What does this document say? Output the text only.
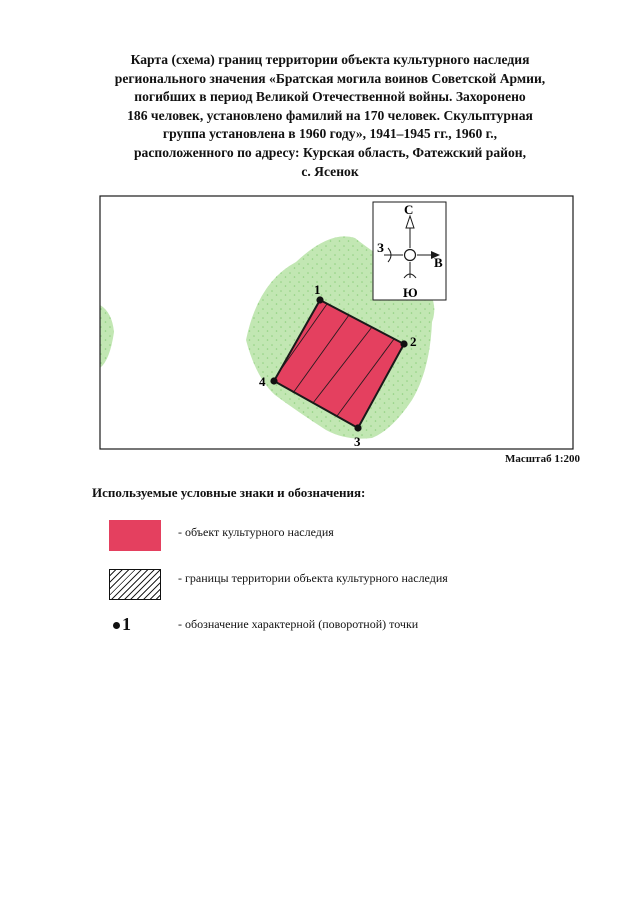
Карта (схема) границ территории объекта культурного наследия
регионального значения «Братская могила воинов Советской Армии,
погибших в период Великой Отечественной войны. Захоронено
186 человек, установлено фамилий на 170 человек. Скульптурная
группа установлена в 1960 году», 1941–1945 гг., 1960 г.,
расположенного по адресу: Курская область, Фатежский район,
с. Ясенок
1
2
3
4
С
Ю
В
З
Масштаб 1:200
Используемые условные знаки и обозначения:
- объект культурного наследия
- границы территории объекта культурного наследия
1	- обозначение характерной (поворотной) точки
